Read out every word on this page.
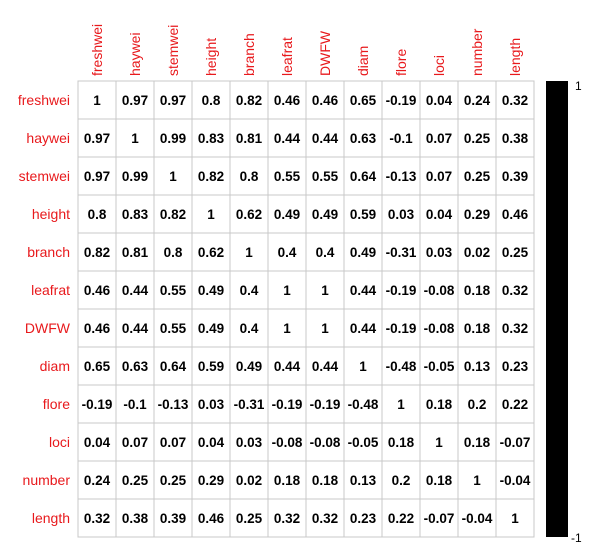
freshwei haywei stemwei height branch leafrat DWFW diam flore loci number length
freshwei
haywei
stemwei
height
branch
leafrat
DWFW
diam
flore
loci
number
length
1 0.97 0.97 0.8 0.82 0.46 0.46 0.65 -0.19 0.04 0.24 0.32
0.97 1 0.99 0.83 0.81 0.44 0.44 0.63 -0.1 0.07 0.25 0.38
0.97 0.99 1 0.82 0.8 0.55 0.55 0.64 -0.13 0.07 0.25 0.39
0.8 0.83 0.82 1 0.62 0.49 0.49 0.59 0.03 0.04 0.29 0.46
0.82 0.81 0.8 0.62 1 0.4 0.4 0.49 -0.31 0.03 0.02 0.25
0.46 0.44 0.55 0.49 0.4 1 1 0.44 -0.19 -0.08 0.18 0.32
0.46 0.44 0.55 0.49 0.4 1 1 0.44 -0.19 -0.08 0.18 0.32
0.65 0.63 0.64 0.59 0.49 0.44 0.44 1 -0.48 -0.05 0.13 0.23
-0.19 -0.1 -0.13 0.03 -0.31 -0.19 -0.19 -0.48 1 0.18 0.2 0.22
0.04 0.07 0.07 0.04 0.03 -0.08 -0.08 -0.05 0.18 1 0.18 -0.07
0.24 0.25 0.25 0.29 0.02 0.18 0.18 0.13 0.2 0.18 1 -0.04
0.32 0.38 0.39 0.46 0.25 0.32 0.32 0.23 0.22 -0.07 -0.04 1
1
-1
